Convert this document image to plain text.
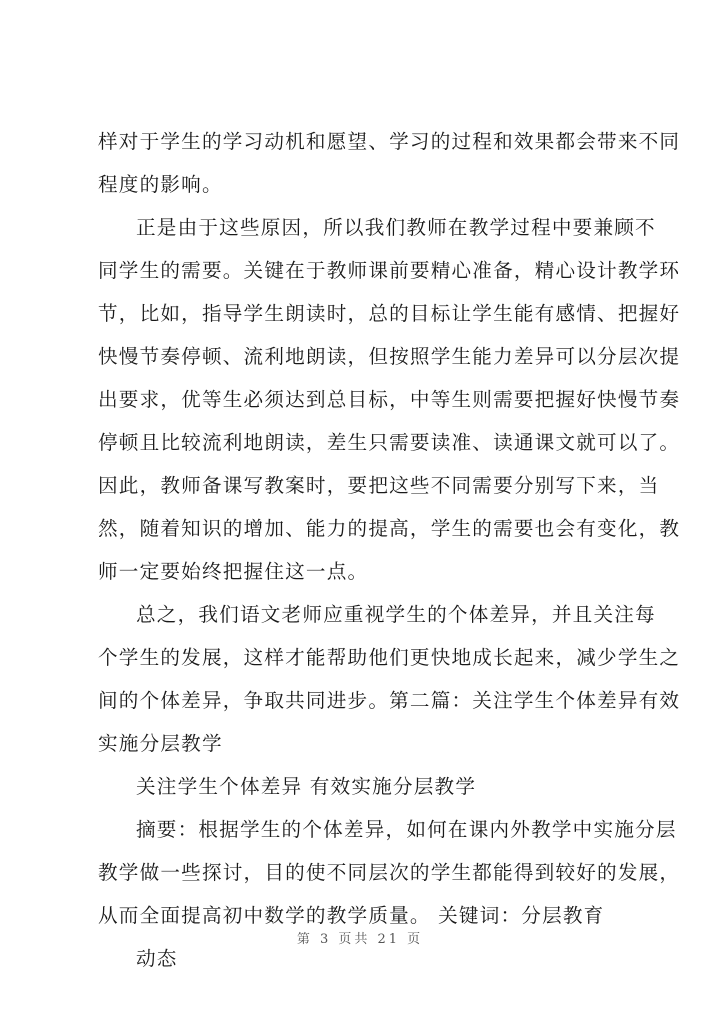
样对于学生的学习动机和愿望、学习的过程和效果都会带来不同
程度的影响。
正是由于这些原因，所以我们教师在教学过程中要兼顾不
同学生的需要。关键在于教师课前要精心准备，精心设计教学环
节，比如，指导学生朗读时，总的目标让学生能有感情、把握好
快慢节奏停顿、流利地朗读，但按照学生能力差异可以分层次提
出要求，优等生必须达到总目标，中等生则需要把握好快慢节奏
停顿且比较流利地朗读，差生只需要读准、读通课文就可以了。
因此，教师备课写教案时，要把这些不同需要分别写下来，当
然，随着知识的增加、能力的提高，学生的需要也会有变化，教
师一定要始终把握住这一点。
总之，我们语文老师应重视学生的个体差异，并且关注每
个学生的发展，这样才能帮助他们更快地成长起来，减少学生之
间的个体差异，争取共同进步。第二篇：关注学生个体差异有效
实施分层教学
关注学生个体差异 有效实施分层教学
摘要：根据学生的个体差异，如何在课内外教学中实施分层
教学做一些探讨，目的使不同层次的学生都能得到较好的发展，
从而全面提高初中数学的教学质量。 关键词：分层教育
动态
第 3 页共 21 页
